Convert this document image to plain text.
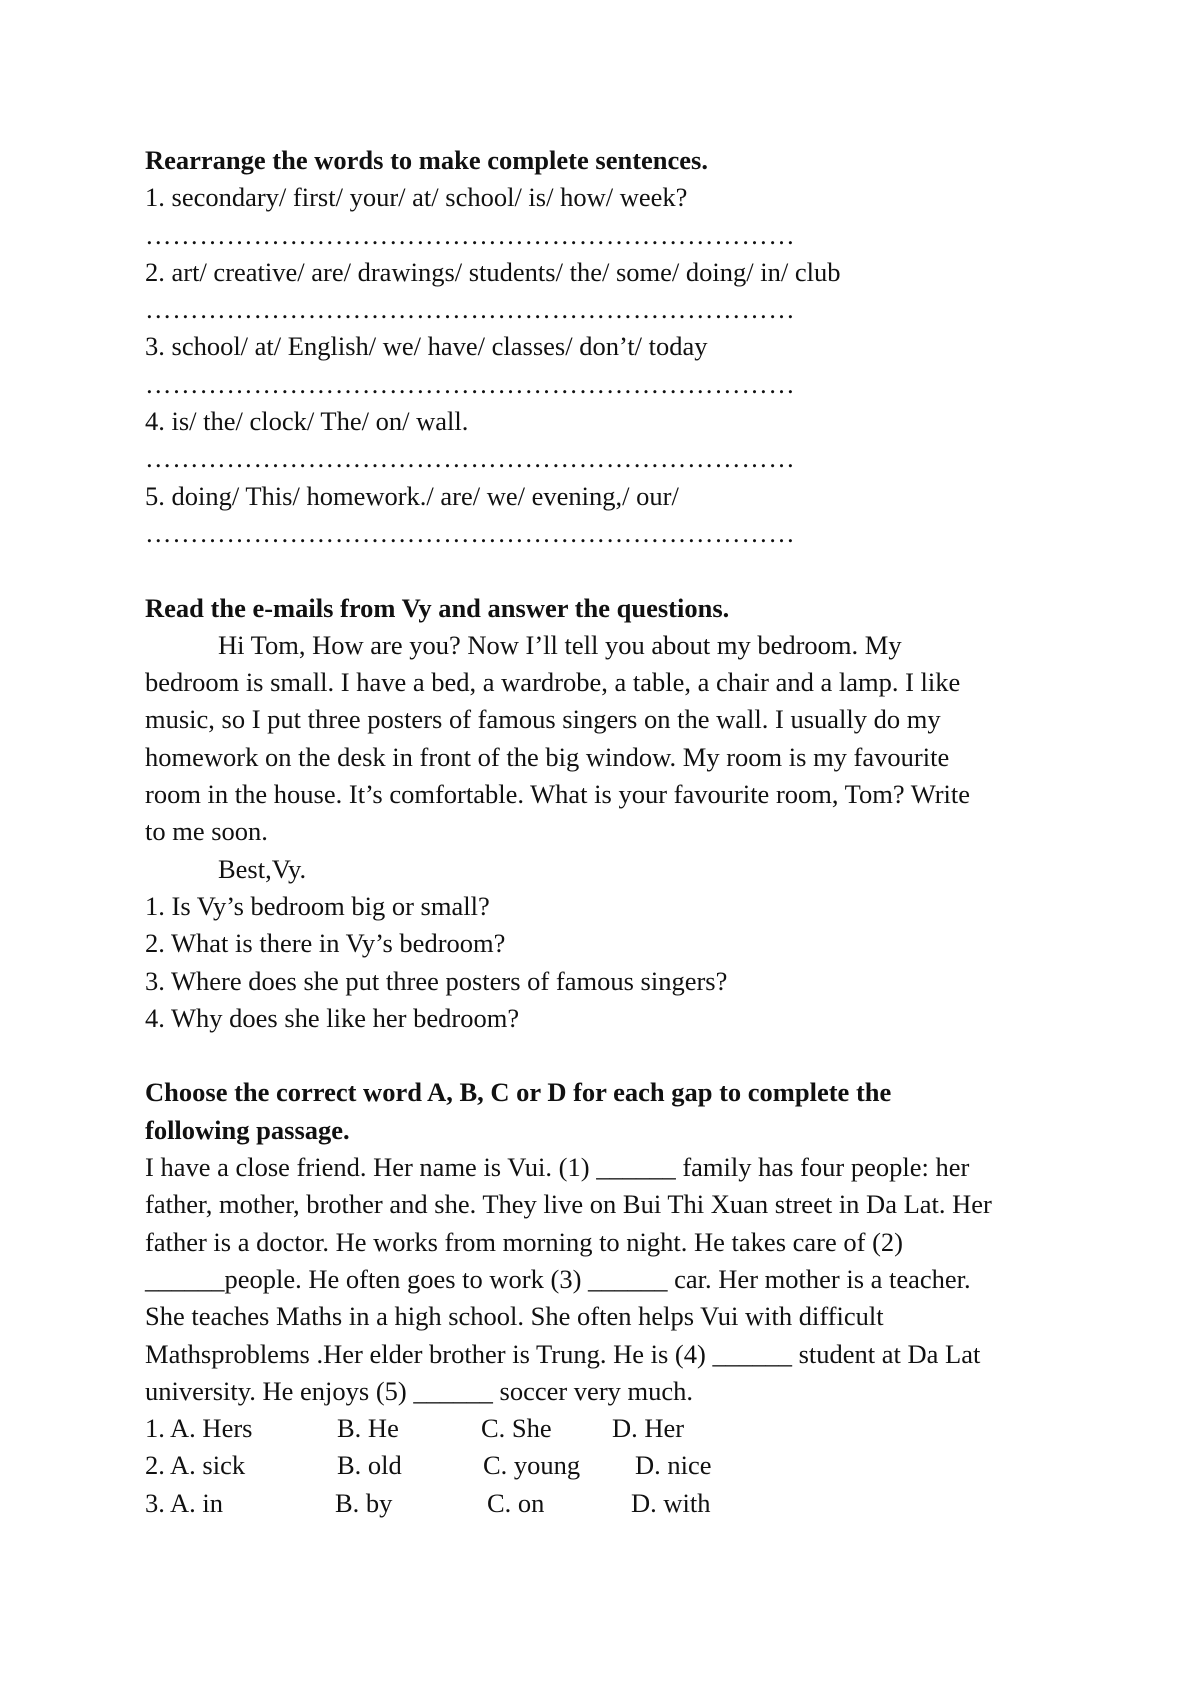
Rearrange the words to make complete sentences.
1. secondary/ first/ your/ at/ school/ is/ how/ week?
………………………………………………………………
2. art/ creative/ are/ drawings/ students/ the/ some/ doing/ in/ club
………………………………………………………………
3. school/ at/ English/ we/ have/ classes/ don’t/ today
………………………………………………………………
4. is/ the/ clock/ The/ on/ wall.
………………………………………………………………
5. doing/ This/ homework./ are/ we/ evening,/ our/
………………………………………………………………
Read the e-mails from Vy and answer the questions.
Hi Tom, How are you? Now I’ll tell you about my bedroom. My
bedroom is small. I have a bed, a wardrobe, a table, a chair and a lamp. I like
music, so I put three posters of famous singers on the wall. I usually do my
homework on the desk in front of the big window. My room is my favourite
room in the house. It’s comfortable. What is your favourite room, Tom? Write
to me soon.
Best,Vy.
1. Is Vy’s bedroom big or small?
2. What is there in Vy’s bedroom?
3. Where does she put three posters of famous singers?
4. Why does she like her bedroom?
Choose the correct word A, B, C or D for each gap to complete the
following passage.
I have a close friend. Her name is Vui. (1) ______ family has four people: her
father, mother, brother and she. They live on Bui Thi Xuan street in Da Lat. Her
father is a doctor. He works from morning to night. He takes care of (2)
______people. He often goes to work (3) ______ car. Her mother is a teacher.
She teaches Maths in a high school. She often helps Vui with difficult
Mathsproblems .Her elder brother is Trung. He is (4) ______ student at Da Lat
university. He enjoys (5) ______ soccer very much.
1. A. Hers	B. He	C. She D. Her
2. A. sick	B. old	C. young D. nice
3. A. in	B. by	C. on	D. with
